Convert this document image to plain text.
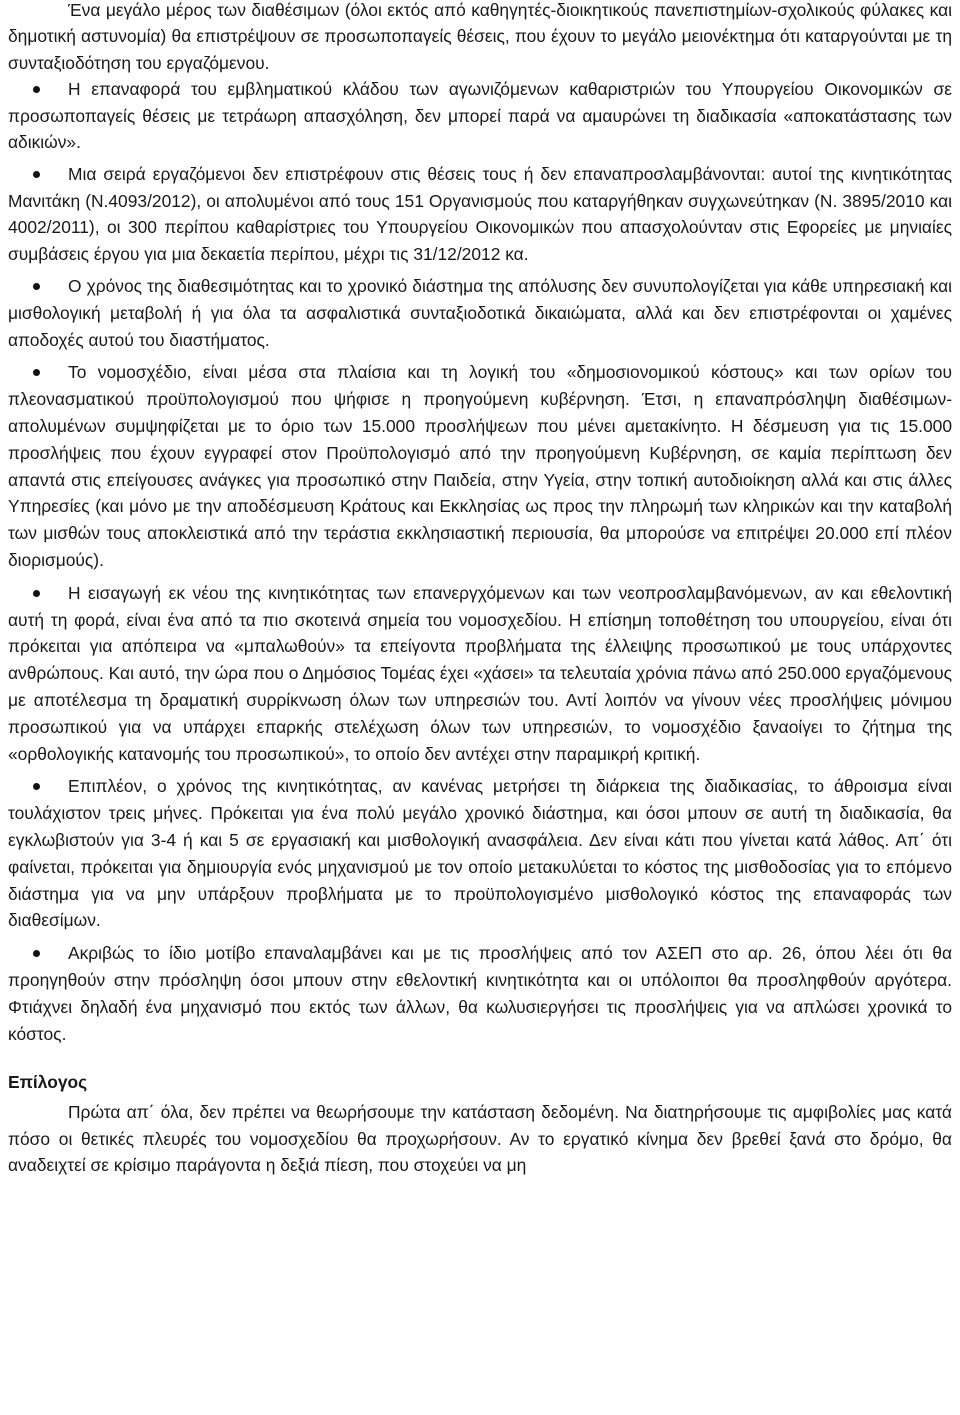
Ένα μεγάλο μέρος των διαθέσιμων (όλοι εκτός από καθηγητές-διοικητικούς πανεπιστημίων-σχολικούς φύλακες και δημοτική αστυνομία) θα επιστρέψουν σε προσωποπαγείς θέσεις, που έχουν το μεγάλο μειονέκτημα ότι καταργούνται με τη συνταξιοδότηση του εργαζόμενου.
Η επαναφορά του εμβληματικού κλάδου των αγωνιζόμενων καθαριστριών του Υπουργείου Οικονομικών σε προσωποπαγείς θέσεις με τετράωρη απασχόληση, δεν μπορεί παρά να αμαυρώνει τη διαδικασία «αποκατάστασης των αδικιών».
Μια σειρά εργαζόμενοι δεν επιστρέφουν στις θέσεις τους ή δεν επαναπροσλαμβάνονται: αυτοί της κινητικότητας Μανιτάκη (Ν.4093/2012), οι απολυμένοι από τους 151 Οργανισμούς που καταργήθηκαν συγχωνεύτηκαν (Ν. 3895/2010 και 4002/2011), οι 300 περίπου καθαρίστριες του Υπουργείου Οικονομικών που απασχολούνταν στις Εφορείες με μηνιαίες συμβάσεις έργου για μια δεκαετία περίπου, μέχρι τις 31/12/2012 κα.
Ο χρόνος της διαθεσιμότητας και το χρονικό διάστημα της απόλυσης δεν συνυπολογίζεται για κάθε υπηρεσιακή και μισθολογική μεταβολή ή για όλα τα ασφαλιστικά συνταξιοδοτικά δικαιώματα, αλλά και δεν επιστρέφονται οι χαμένες αποδοχές αυτού του διαστήματος.
Το νομοσχέδιο, είναι μέσα στα πλαίσια και τη λογική του «δημοσιονομικού κόστους» και των ορίων του πλεονασματικού προϋπολογισμού που ψήφισε η προηγούμενη κυβέρνηση. Έτσι, η επαναπρόσληψη διαθέσιμων-απολυμένων συμψηφίζεται με το όριο των 15.000 προσλήψεων που μένει αμετακίνητο. Η δέσμευση για τις 15.000 προσλήψεις που έχουν εγγραφεί στον Προϋπολογισμό από την προηγούμενη Κυβέρνηση, σε καμία περίπτωση δεν απαντά στις επείγουσες ανάγκες για προσωπικό στην Παιδεία, στην Υγεία, στην τοπική αυτοδιοίκηση αλλά και στις άλλες Υπηρεσίες (και μόνο με την αποδέσμευση Κράτους και Εκκλησίας ως προς την πληρωμή των κληρικών και την καταβολή των μισθών τους αποκλειστικά από την τεράστια εκκλησιαστική περιουσία, θα μπορούσε να επιτρέψει 20.000 επί πλέον διορισμούς).
Η εισαγωγή εκ νέου της κινητικότητας των επανεργχόμενων και των νεοπροσλαμβανόμενων, αν και εθελοντική αυτή τη φορά, είναι ένα από τα πιο σκοτεινά σημεία του νομοσχεδίου. Η επίσημη τοποθέτηση του υπουργείου, είναι ότι πρόκειται για απόπειρα να «μπαλωθούν» τα επείγοντα προβλήματα της έλλειψης προσωπικού με τους υπάρχοντες ανθρώπους. Και αυτό, την ώρα που ο Δημόσιος Τομέας έχει «χάσει» τα τελευταία χρόνια πάνω από 250.000 εργαζόμενους με αποτέλεσμα τη δραματική συρρίκνωση όλων των υπηρεσιών του. Αντί λοιπόν να γίνουν νέες προσλήψεις μόνιμου προσωπικού για να υπάρχει επαρκής στελέχωση όλων των υπηρεσιών, το νομοσχέδιο ξαναοίγει το ζήτημα της «ορθολογικής κατανομής του προσωπικού», το οποίο δεν αντέχει στην παραμικρή κριτική.
Επιπλέον, ο χρόνος της κινητικότητας, αν κανένας μετρήσει τη διάρκεια της διαδικασίας, το άθροισμα είναι τουλάχιστον τρεις μήνες. Πρόκειται για ένα πολύ μεγάλο χρονικό διάστημα, και όσοι μπουν σε αυτή τη διαδικασία, θα εγκλωβιστούν για 3-4 ή και 5 σε εργασιακή και μισθολογική ανασφάλεια. Δεν είναι κάτι που γίνεται κατά λάθος. Απ΄ ότι φαίνεται, πρόκειται για δημιουργία ενός μηχανισμού με τον οποίο μετακυλύεται το κόστος της μισθοδοσίας για το επόμενο διάστημα για να μην υπάρξουν προβλήματα με το προϋπολογισμένο μισθολογικό κόστος της επαναφοράς των διαθεσίμων.
Ακριβώς το ίδιο μοτίβο επαναλαμβάνει και με τις προσλήψεις από τον ΑΣΕΠ στο αρ. 26, όπου λέει ότι θα προηγηθούν στην πρόσληψη όσοι μπουν στην εθελοντική κινητικότητα και οι υπόλοιποι θα προσληφθούν αργότερα. Φτιάχνει δηλαδή ένα μηχανισμό που εκτός των άλλων, θα κωλυσιεργήσει τις προσλήψεις για να απλώσει χρονικά το κόστος.
Επίλογος
Πρώτα απ΄ όλα, δεν πρέπει να θεωρήσουμε την κατάσταση δεδομένη. Να διατηρήσουμε τις αμφιβολίες μας κατά πόσο οι θετικές πλευρές του νομοσχεδίου θα προχωρήσουν. Αν το εργατικό κίνημα δεν βρεθεί ξανά στο δρόμο, θα αναδειχτεί σε κρίσιμο παράγοντα η δεξιά πίεση, που στοχεύει να μη
